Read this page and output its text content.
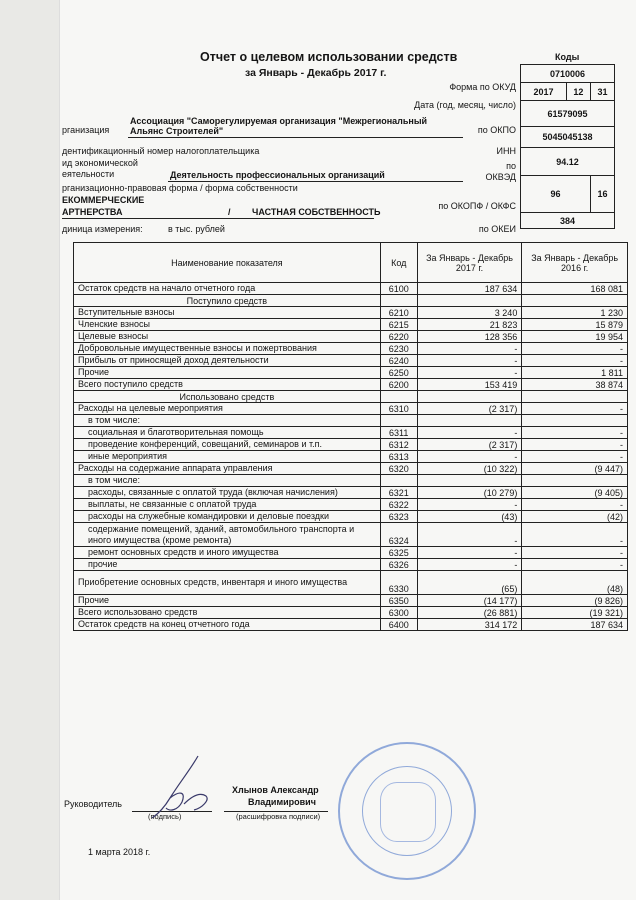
Отчет о целевом использовании средств
за Январь - Декабрь 2017 г.
Коды
0710006		
2017	12	31
61579095		
5045045138		
94.12		
96		16
384		
Форма по ОКУД
Дата (год, месяц, число)
по ОКПО
ИНН
по
ОКВЭД
по ОКОПФ / ОКФС
по ОКЕИ
рганизация
Ассоциация "Саморегулируемая организация "Межрегиональный
Альянс Строителей"
дентификационный номер налогоплательщика
ид экономической
еятельности	Деятельность профессиональных организаций
рганизационно-правовая форма / форма собственности
ЕКОММЕРЧЕСКИЕ
АРТНЕРСТВА	/ ЧАСТНАЯ СОБСТВЕННОСТЬ
диница измерения:	в тыс. рублей
Наименование показателя	Код	За Январь - Декабрь 2017 г.	За Январь - Декабрь 2016 г.
Остаток средств на начало отчетного года	6100	187 634	168 081
Поступило средств			
Вступительные взносы	6210	3 240	1 230
Членские взносы	6215	21 823	15 879
Целевые взносы	6220	128 356	19 954
Добровольные имущественные взносы и пожертвования	6230	-	-
Прибыль от приносящей доход деятельности	6240	-	-
Прочие	6250	-	1 811
Всего поступило средств	6200	153 419	38 874
Использовано средств			
Расходы на целевые мероприятия	6310	(2 317)	-
в том числе:			
социальная и благотворительная помощь	6311	-	-
проведение конференций, совещаний, семинаров и т.п.	6312	(2 317)	-
иные мероприятия	6313	-	-
Расходы на содержание аппарата управления	6320	(10 322)	(9 447)
в том числе:			
расходы, связанные с оплатой труда (включая начисления)	6321	(10 279)	(9 405)
выплаты, не связанные с оплатой труда	6322	-	-
расходы на служебные командировки и деловые поездки	6323	(43)	(42)
содержание помещений, зданий, автомобильного транспорта и иного имущества (кроме ремонта)	6324	-	-
ремонт основных средств и иного имущества	6325	-	-
прочие	6326	-	-
Приобретение основных средств, инвентаря и иного имущества	6330	(65)	(48)
Прочие	6350	(14 177)	(9 826)
Всего использовано средств	6300	(26 881)	(19 321)
Остаток средств на конец отчетного года	6400	314 172	187 634
Руководитель
(подпись)
Хлынов Александр
Владимирович
(расшифровка подписи)
1 марта 2018 г.
